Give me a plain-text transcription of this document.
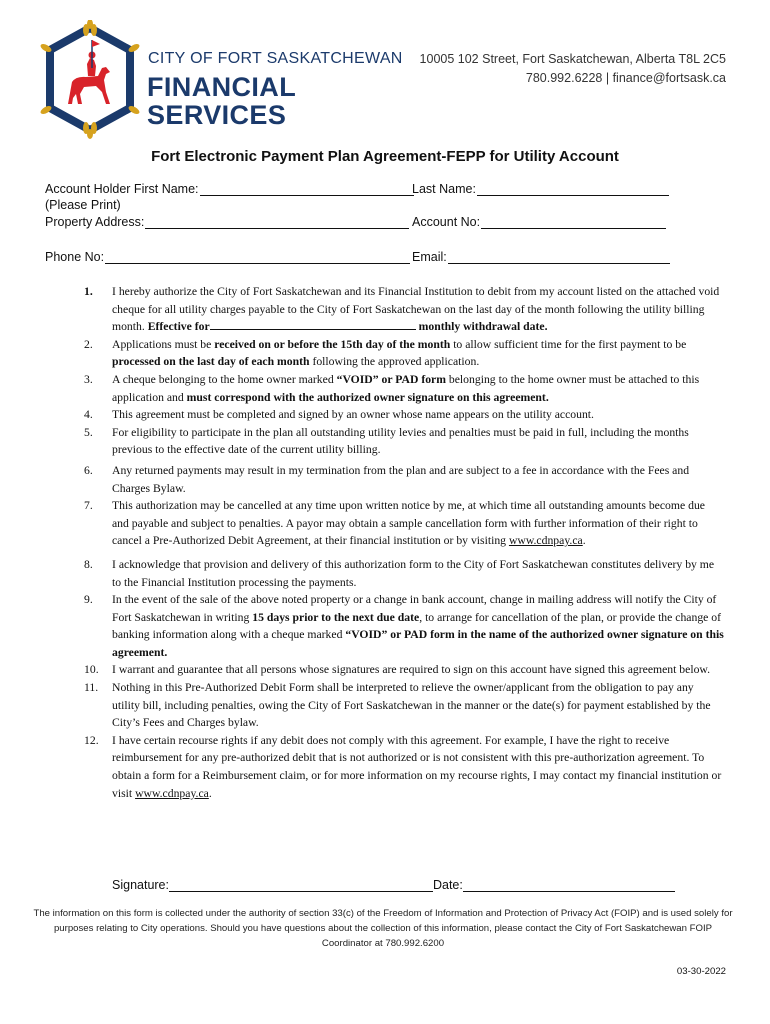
CITY OF FORT SASKATCHEWAN
FINANCIAL
SERVICES
10005 102 Street, Fort Saskatchewan, Alberta T8L 2C5
780.992.6228 | finance@fortsask.ca
Fort Electronic Payment Plan Agreement-FEPP for Utility Account
Account Holder First Name:	Last Name:
(Please Print)
Property Address:	Account No:
Phone No:	Email:
1.	I hereby authorize the City of Fort Saskatchewan and its Financial Institution to debit from my account listed on the attached void cheque for all utility charges payable to the City of Fort Saskatchewan on the last day of the month following the utility billing month. Effective for	monthly withdrawal date.
2.	Applications must be received on or before the 15th day of the month to allow sufficient time for the first payment to be processed on the last day of each month following the approved application.
3.	A cheque belonging to the home owner marked “VOID” or PAD form belonging to the home owner must be attached to this application and must correspond with the authorized owner signature on this agreement.
4.	This agreement must be completed and signed by an owner whose name appears on the utility account.
5.	For eligibility to participate in the plan all outstanding utility levies and penalties must be paid in full, including the months previous to the effective date of the current utility billing.
6.	Any returned payments may result in my termination from the plan and are subject to a fee in accordance with the Fees and Charges Bylaw.
7.	This authorization may be cancelled at any time upon written notice by me, at which time all outstanding amounts become due and payable and subject to penalties. A payor may obtain a sample cancellation form with further information of their right to cancel a Pre-Authorized Debit Agreement, at their financial institution or by visiting www.cdnpay.ca.
8.	I acknowledge that provision and delivery of this authorization form to the City of Fort Saskatchewan constitutes delivery by me to the Financial Institution processing the payments.
9.	In the event of the sale of the above noted property or a change in bank account, change in mailing address will notify the City of Fort Saskatchewan in writing 15 days prior to the next due date, to arrange for cancellation of the plan, or provide the change of banking information along with a cheque marked “VOID” or PAD form in the name of the authorized owner signature on this agreement.
10.	I warrant and guarantee that all persons whose signatures are required to sign on this account have signed this agreement below.
11.	Nothing in this Pre-Authorized Debit Form shall be interpreted to relieve the owner/applicant from the obligation to pay any utility bill, including penalties, owing the City of Fort Saskatchewan in the manner or the date(s) for payment established by the City’s Fees and Charges bylaw.
12.	I have certain recourse rights if any debit does not comply with this agreement. For example, I have the right to receive reimbursement for any pre-authorized debit that is not authorized or is not consistent with this pre-authorization agreement. To obtain a form for a Reimbursement claim, or for more information on my recourse rights, I may contact my financial institution or visit www.cdnpay.ca.
Signature:	Date:
The information on this form is collected under the authority of section 33(c) of the Freedom of Information and Protection of Privacy Act (FOIP) and is used solely for purposes relating to City operations. Should you have questions about the collection of this information, please contact the City of Fort Saskatchewan FOIP Coordinator at 780.992.6200
03-30-2022
